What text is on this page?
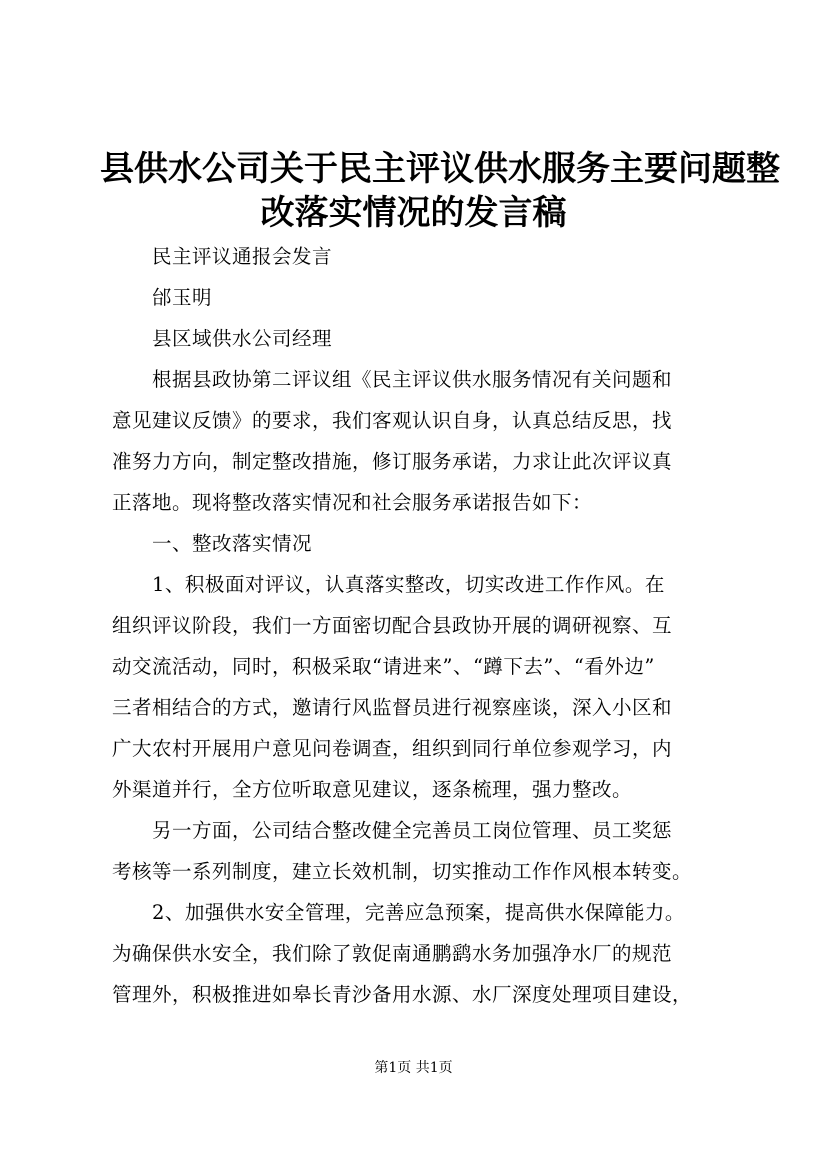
县供水公司关于民主评议供水服务主要问题整
改落实情况的发言稿
民主评议通报会发言
邰玉明
县区域供水公司经理
根据县政协第二评议组《民主评议供水服务情况有关问题和
意见建议反馈》的要求，我们客观认识自身，认真总结反思，找
准努力方向，制定整改措施，修订服务承诺，力求让此次评议真
正落地。现将整改落实情况和社会服务承诺报告如下：
一、整改落实情况
1、积极面对评议，认真落实整改，切实改进工作作风。在
组织评议阶段，我们一方面密切配合县政协开展的调研视察、互
动交流活动，同时，积极采取“请进来”、“蹲下去”、“看外边”
三者相结合的方式，邀请行风监督员进行视察座谈，深入小区和
广大农村开展用户意见问卷调查，组织到同行单位参观学习，内
外渠道并行，全方位听取意见建议，逐条梳理，强力整改。
另一方面，公司结合整改健全完善员工岗位管理、员工奖惩
考核等一系列制度，建立长效机制，切实推动工作作风根本转变。
2、加强供水安全管理，完善应急预案，提高供水保障能力。
为确保供水安全，我们除了敦促南通鹏鹞水务加强净水厂的规范
管理外，积极推进如皋长青沙备用水源、水厂深度处理项目建设，
第1页 共1页
